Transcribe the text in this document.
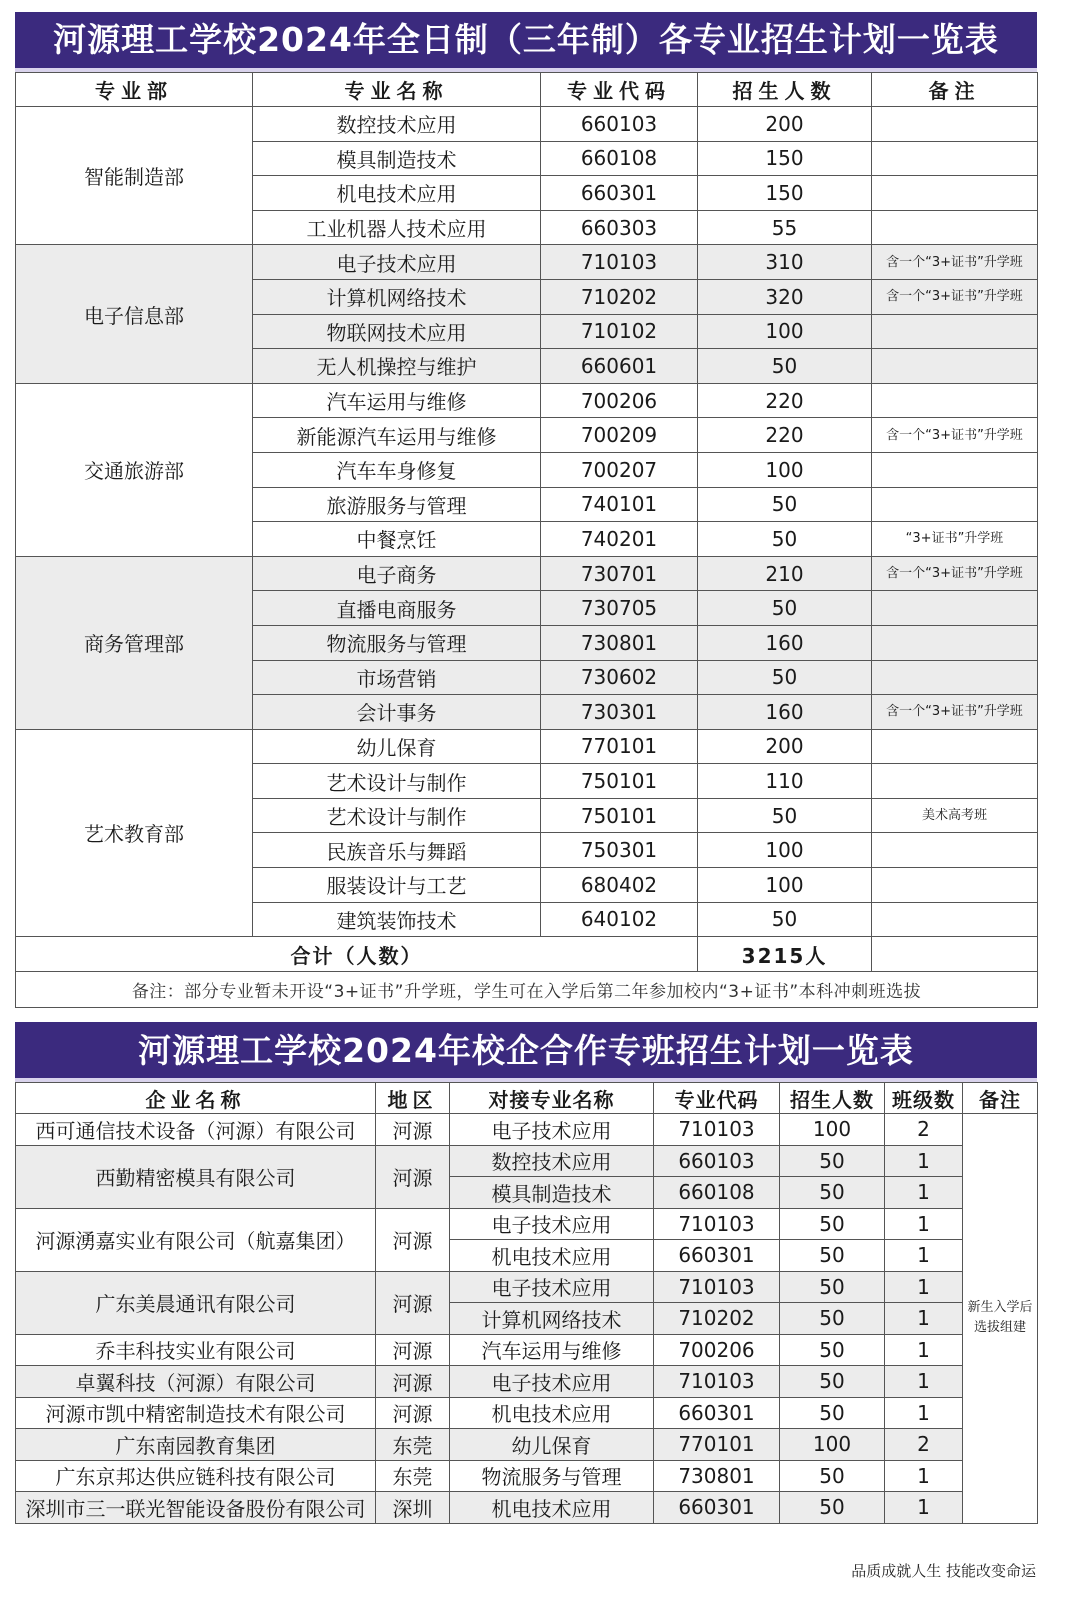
河源理工学校2024年全日制（三年制）各专业招生计划一览表
专业部	专业名称	专业代码	招生人数	备注
智能制造部	数控技术应用	660103	200	
	模具制造技术	660108	150	
	机电技术应用	660301	150	
	工业机器人技术应用	660303	55	
电子信息部	电子技术应用	710103	310	含一个“3+证书”升学班
	计算机网络技术	710202	320	含一个“3+证书”升学班
	物联网技术应用	710102	100	
	无人机操控与维护	660601	50	
交通旅游部	汽车运用与维修	700206	220	
	新能源汽车运用与维修	700209	220	含一个“3+证书”升学班
	汽车车身修复	700207	100	
	旅游服务与管理	740101	50	
	中餐烹饪	740201	50	“3+证书”升学班
商务管理部	电子商务	730701	210	含一个“3+证书”升学班
	直播电商服务	730705	50	
	物流服务与管理	730801	160	
	市场营销	730602	50	
	会计事务	730301	160	含一个“3+证书”升学班
艺术教育部	幼儿保育	770101	200	
	艺术设计与制作	750101	110	
	艺术设计与制作	750101	50	美术高考班
	民族音乐与舞蹈	750301	100	
	服装设计与工艺	680402	100	
	建筑装饰技术	640102	50	
合计（人数）			3215人	
备注：部分专业暂未开设“3+证书”升学班，学生可在入学后第二年参加校内“3+证书”本科冲刺班选拔				
河源理工学校2024年校企合作专班招生计划一览表
企业名称	地区	对接专业名称	专业代码	招生人数	班级数	备注
西可通信技术设备（河源）有限公司	河源	电子技术应用	710103	100	2	新生入学后选拔组建
西勤精密模具有限公司	河源	数控技术应用	660103	50	1	
		模具制造技术	660108	50	1	
河源湧嘉实业有限公司（航嘉集团）	河源	电子技术应用	710103	50	1	
		机电技术应用	660301	50	1	
广东美晨通讯有限公司	河源	电子技术应用	710103	50	1	
		计算机网络技术	710202	50	1	
乔丰科技实业有限公司	河源	汽车运用与维修	700206	50	1	
卓翼科技（河源）有限公司	河源	电子技术应用	710103	50	1	
河源市凯中精密制造技术有限公司	河源	机电技术应用	660301	50	1	
广东南园教育集团	东莞	幼儿保育	770101	100	2	
广东京邦达供应链科技有限公司	东莞	物流服务与管理	730801	50	1	
深圳市三一联光智能设备股份有限公司	深圳	机电技术应用	660301	50	1	
品质成就人生 技能改变命运
